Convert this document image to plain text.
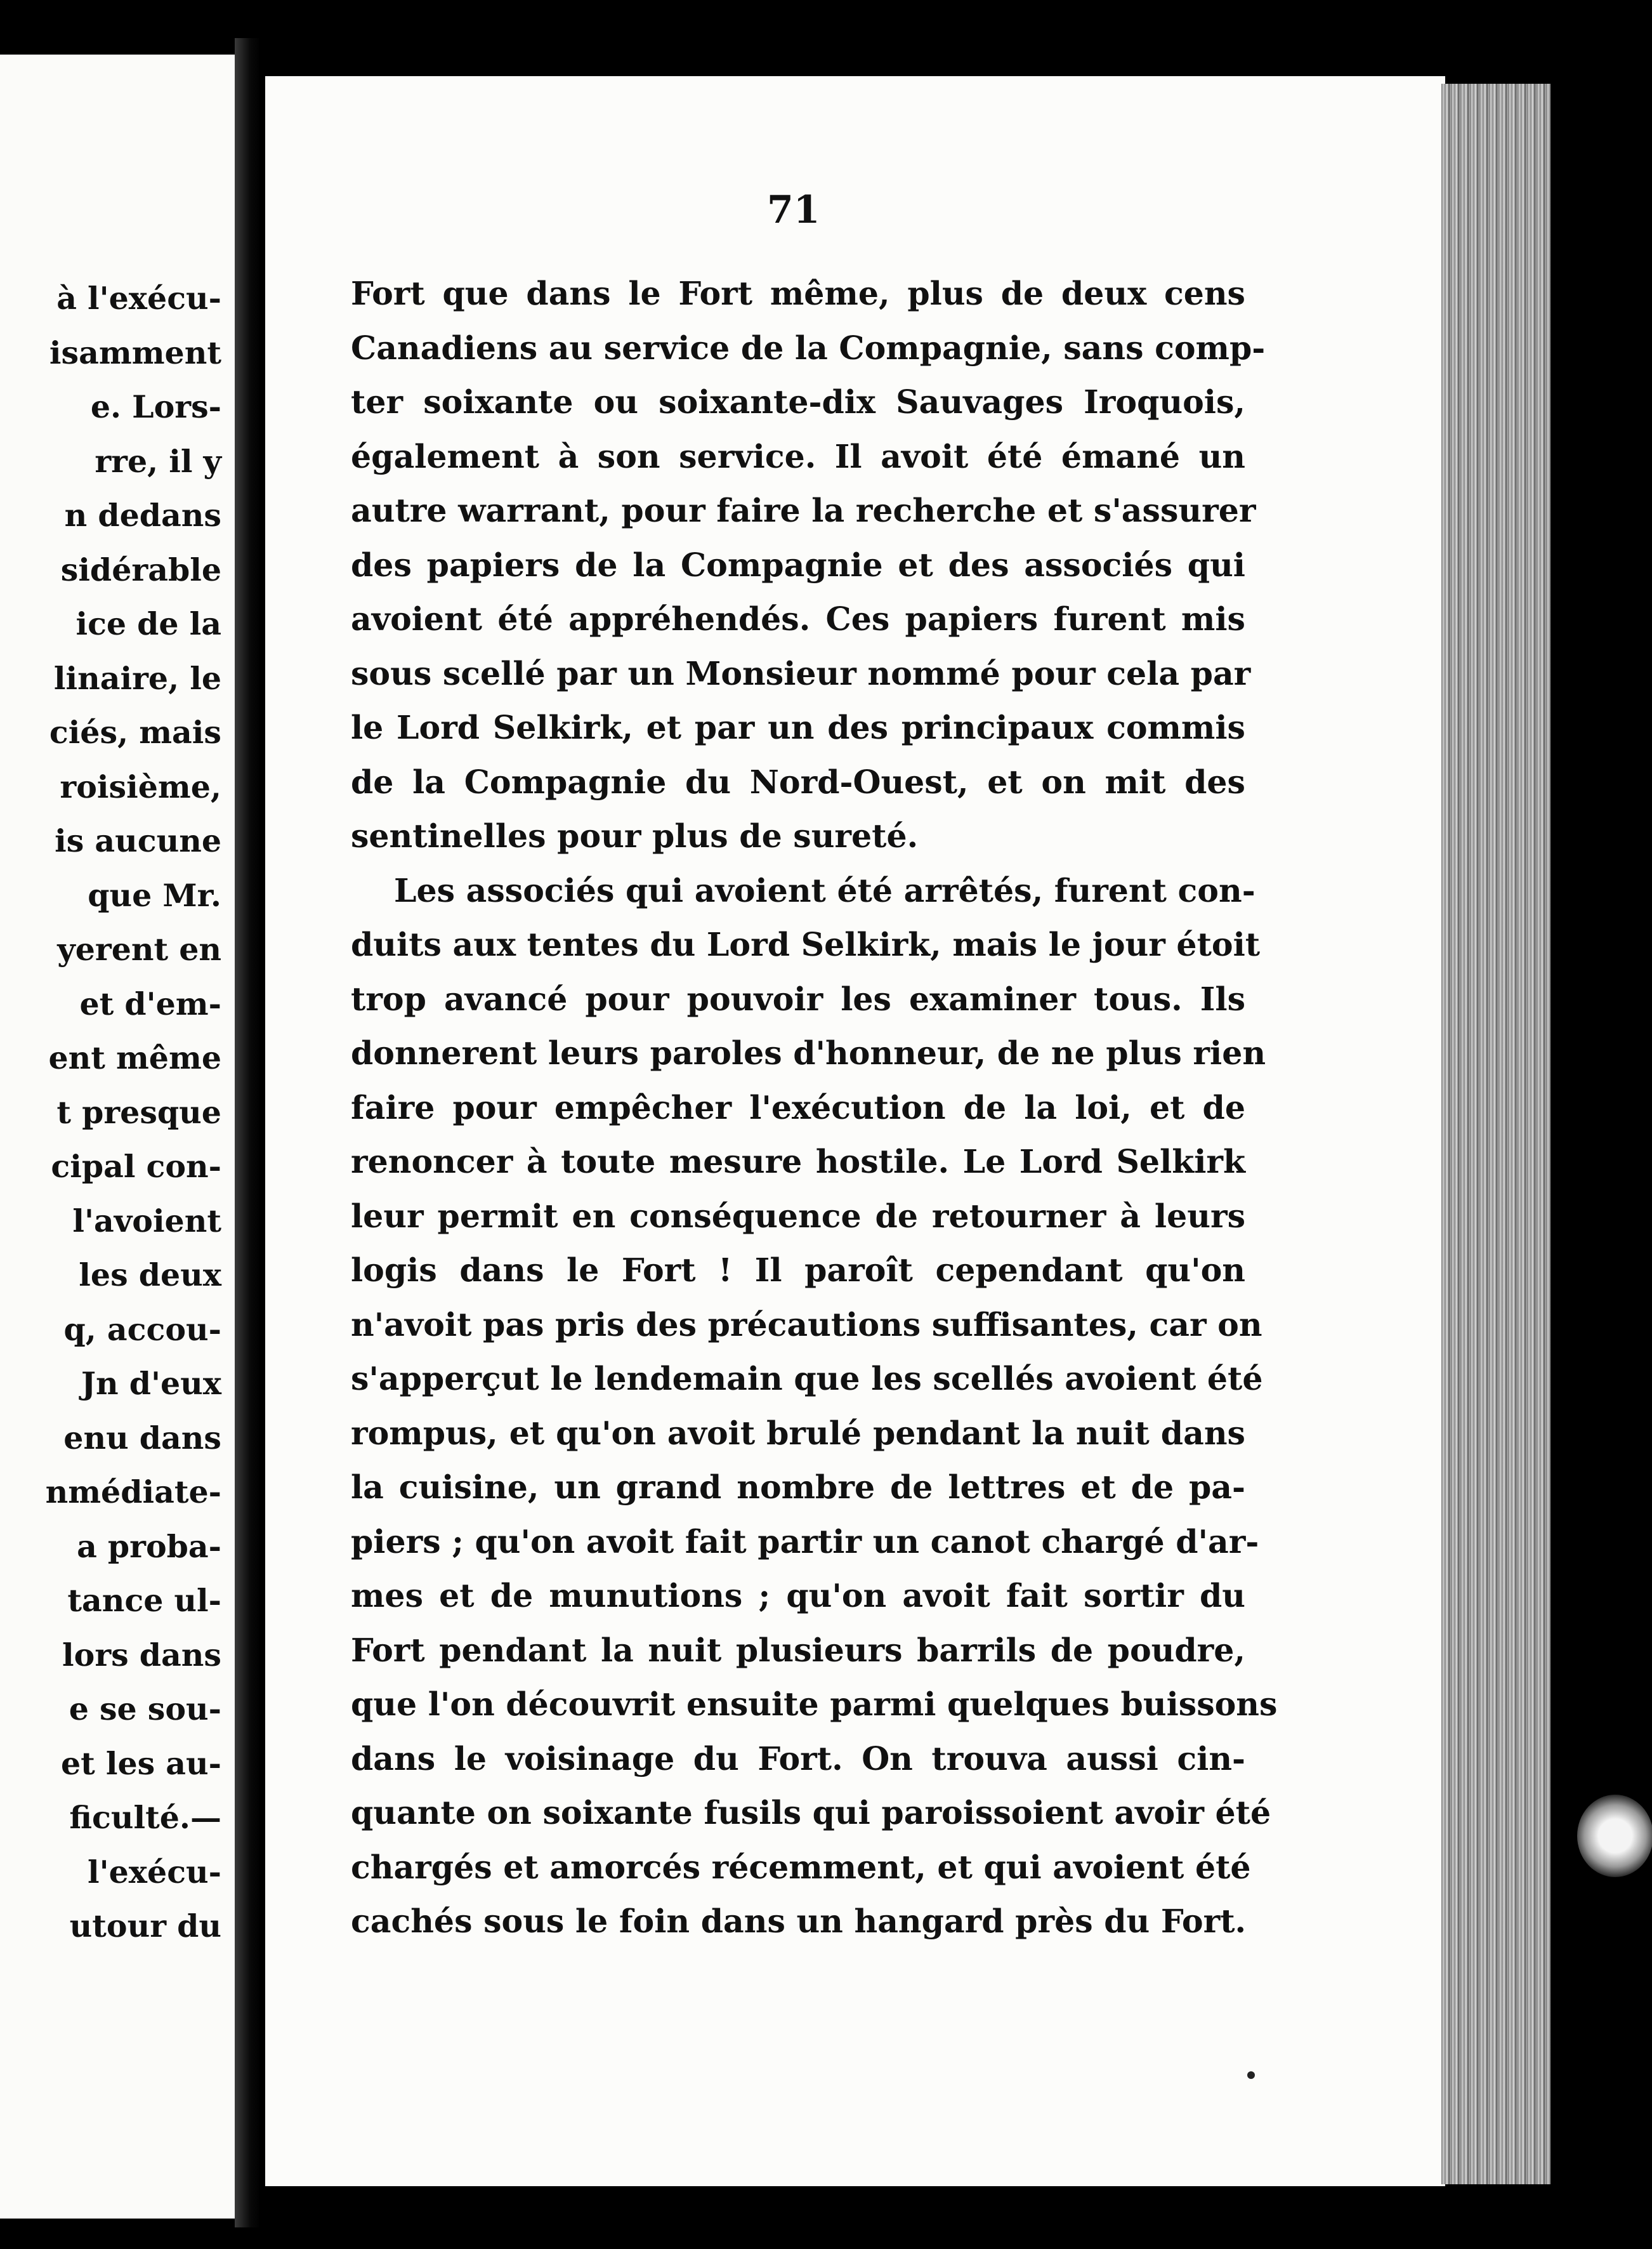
à l'exécu-
isamment
e. Lors-
rre, il y
n dedans
sidérable
ice de la
linaire, le
ciés, mais
roisième,
is aucune
que Mr.
yerent en
et d'em-
ent même
t presque
cipal con-
l'avoient
les deux
q, accou-
Jn d'eux
enu dans
nmédiate-
a proba-
tance ul-
lors dans
e se sou-
et les au-
ficulté.—
l'exécu-
utour du
71
Fort que dans le Fort même, plus de deux cens
Canadiens au service de la Compagnie, sans comp-
ter soixante ou soixante-dix Sauvages Iroquois,
également à son service. Il avoit été émané un
autre warrant, pour faire la recherche et s'assurer
des papiers de la Compagnie et des associés qui
avoient été appréhendés. Ces papiers furent mis
sous scellé par un Monsieur nommé pour cela par
le Lord Selkirk, et par un des principaux commis
de la Compagnie du Nord-Ouest, et on mit des
sentinelles pour plus de sureté.
Les associés qui avoient été arrêtés, furent con-
duits aux tentes du Lord Selkirk, mais le jour étoit
trop avancé pour pouvoir les examiner tous. Ils
donnerent leurs paroles d'honneur, de ne plus rien
faire pour empêcher l'exécution de la loi, et de
renoncer à toute mesure hostile. Le Lord Selkirk
leur permit en conséquence de retourner à leurs
logis dans le Fort ! Il paroît cependant qu'on
n'avoit pas pris des précautions suffisantes, car on
s'apperçut le lendemain que les scellés avoient été
rompus, et qu'on avoit brulé pendant la nuit dans
la cuisine, un grand nombre de lettres et de pa-
piers ; qu'on avoit fait partir un canot chargé d'ar-
mes et de munutions ; qu'on avoit fait sortir du
Fort pendant la nuit plusieurs barrils de poudre,
que l'on découvrit ensuite parmi quelques buissons
dans le voisinage du Fort. On trouva aussi cin-
quante on soixante fusils qui paroissoient avoir été
chargés et amorcés récemment, et qui avoient été
cachés sous le foin dans un hangard près du Fort.
